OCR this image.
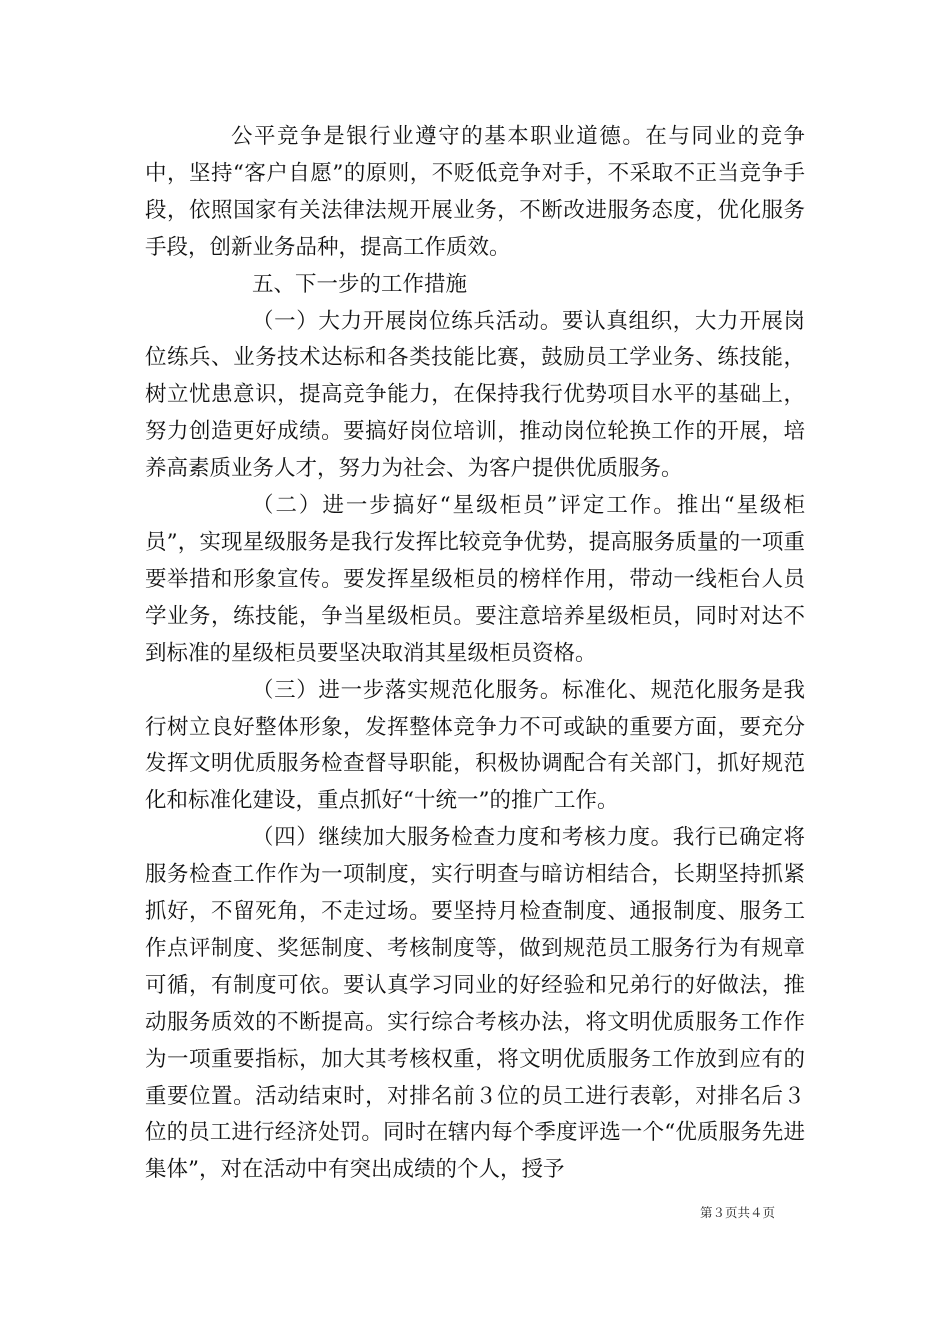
公平竞争是银行业遵守的基本职业道德。在与同业的竞争中，坚持“客户自愿”的原则，不贬低竞争对手，不采取不正当竞争手段，依照国家有关法律法规开展业务，不断改进服务态度，优化服务手段，创新业务品种，提高工作质效。

五、下一步的工作措施

（一）大力开展岗位练兵活动。要认真组织，大力开展岗位练兵、业务技术达标和各类技能比赛，鼓励员工学业务、练技能，树立忧患意识，提高竞争能力，在保持我行优势项目水平的基础上，努力创造更好成绩。要搞好岗位培训，推动岗位轮换工作的开展，培养高素质业务人才，努力为社会、为客户提供优质服务。

（二）进一步搞好“星级柜员”评定工作。推出“星级柜员”，实现星级服务是我行发挥比较竞争优势，提高服务质量的一项重要举措和形象宣传。要发挥星级柜员的榜样作用，带动一线柜台人员学业务，练技能，争当星级柜员。要注意培养星级柜员，同时对达不到标准的星级柜员要坚决取消其星级柜员资格。

（三）进一步落实规范化服务。标准化、规范化服务是我行树立良好整体形象，发挥整体竞争力不可或缺的重要方面，要充分发挥文明优质服务检查督导职能，积极协调配合有关部门，抓好规范化和标准化建设，重点抓好“十统一”的推广工作。

（四）继续加大服务检查力度和考核力度。我行已确定将服务检查工作作为一项制度，实行明查与暗访相结合，长期坚持抓紧抓好，不留死角，不走过场。要坚持月检查制度、通报制度、服务工作点评制度、奖惩制度、考核制度等，做到规范员工服务行为有规章可循，有制度可依。要认真学习同业的好经验和兄弟行的好做法，推动服务质效的不断提高。实行综合考核办法，将文明优质服务工作作为一项重要指标，加大其考核权重，将文明优质服务工作放到应有的重要位置。活动结束时，对排名前３位的员工进行表彰，对排名后３位的员工进行经济处罚。同时在辖内每个季度评选一个“优质服务先进集体”，对在活动中有突出成绩的个人，授予

第３页共４页
